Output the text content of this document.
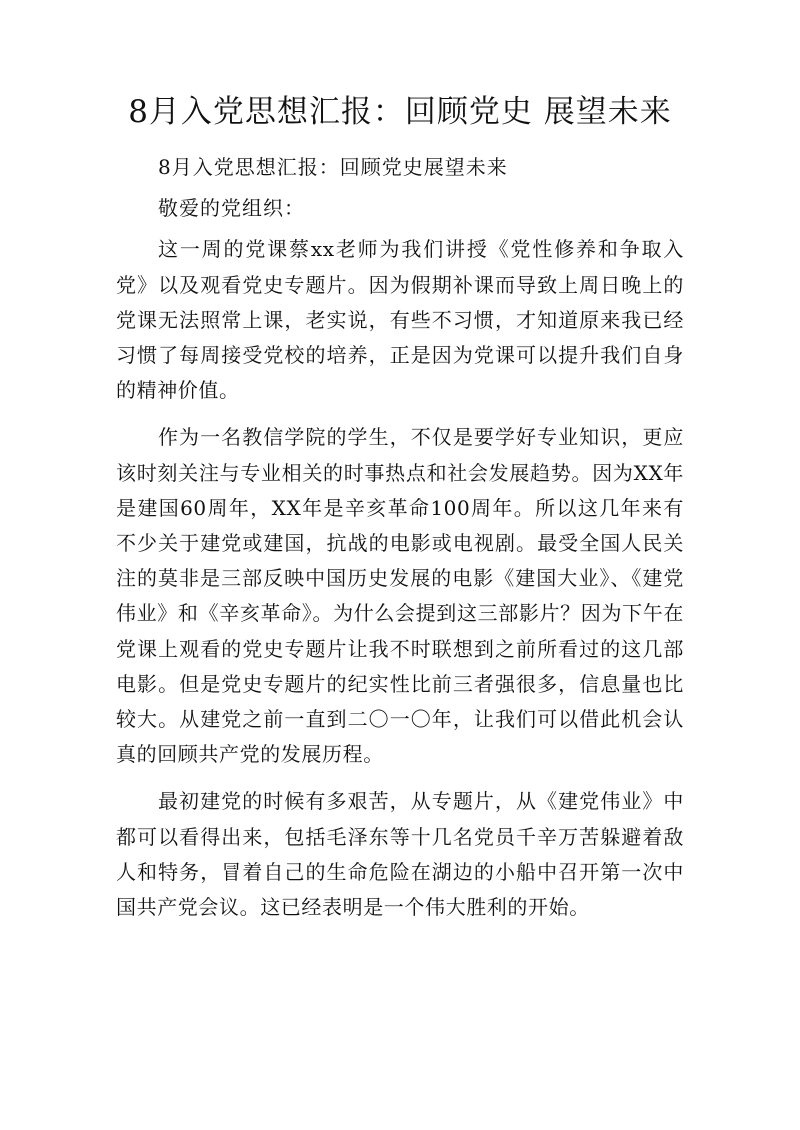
8月入党思想汇报：回顾党史 展望未来

8月入党思想汇报：回顾党史展望未来

敬爱的党组织：

这一周的党课蔡xx老师为我们讲授《党性修养和争取入党》以及观看党史专题片。因为假期补课而导致上周日晚上的党课无法照常上课，老实说，有些不习惯，才知道原来我已经习惯了每周接受党校的培养，正是因为党课可以提升我们自身的精神价值。

作为一名教信学院的学生，不仅是要学好专业知识，更应该时刻关注与专业相关的时事热点和社会发展趋势。因为XX年是建国60周年，XX年是辛亥革命100周年。所以这几年来有不少关于建党或建国，抗战的电影或电视剧。最受全国人民关注的莫非是三部反映中国历史发展的电影《建国大业》、《建党伟业》和《辛亥革命》。为什么会提到这三部影片？因为下午在党课上观看的党史专题片让我不时联想到之前所看过的这几部电影。但是党史专题片的纪实性比前三者强很多，信息量也比较大。从建党之前一直到二〇一〇年，让我们可以借此机会认真的回顾共产党的发展历程。

最初建党的时候有多艰苦，从专题片，从《建党伟业》中都可以看得出来，包括毛泽东等十几名党员千辛万苦躲避着敌人和特务，冒着自己的生命危险在湖边的小船中召开第一次中国共产党会议。这已经表明是一个伟大胜利的开始。
